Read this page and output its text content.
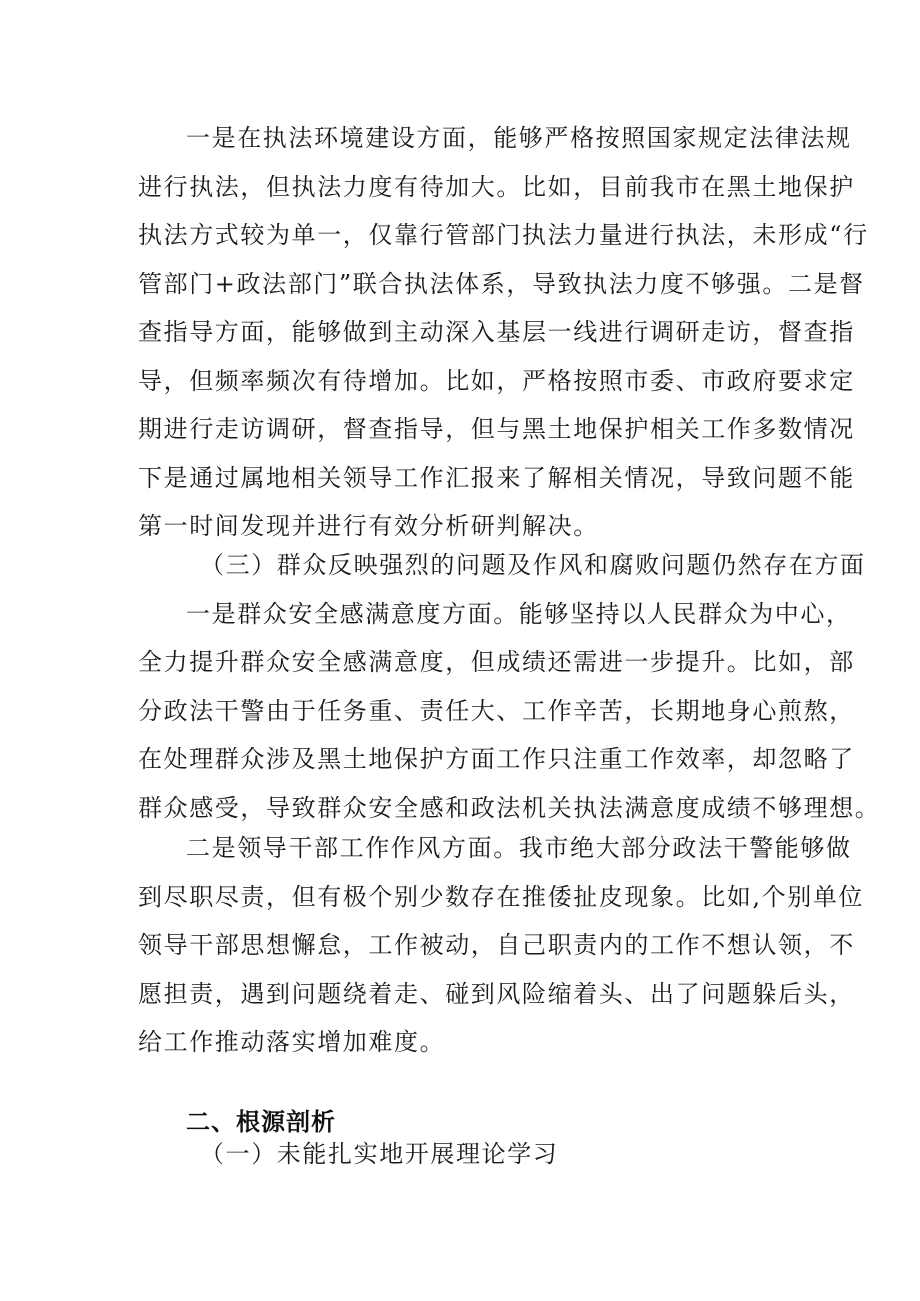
一是在执法环境建设方面，能够严格按照国家规定法律法规
进行执法，但执法力度有待加大。比如，目前我市在黑土地保护
执法方式较为单一，仅靠行管部门执法力量进行执法，未形成“行
管部门+政法部门”联合执法体系，导致执法力度不够强。二是督
查指导方面，能够做到主动深入基层一线进行调研走访，督查指
导，但频率频次有待增加。比如，严格按照市委、市政府要求定
期进行走访调研，督查指导，但与黑土地保护相关工作多数情况
下是通过属地相关领导工作汇报来了解相关情况，导致问题不能
第一时间发现并进行有效分析研判解决。
（三）群众反映强烈的问题及作风和腐败问题仍然存在方面
一是群众安全感满意度方面。能够坚持以人民群众为中心，
全力提升群众安全感满意度，但成绩还需进一步提升。比如，部
分政法干警由于任务重、责任大、工作辛苦，长期地身心煎熬，
在处理群众涉及黑土地保护方面工作只注重工作效率，却忽略了
群众感受，导致群众安全感和政法机关执法满意度成绩不够理想。
二是领导干部工作作风方面。我市绝大部分政法干警能够做
到尽职尽责，但有极个别少数存在推倭扯皮现象。比如,个别单位
领导干部思想懈怠，工作被动，自己职责内的工作不想认领，不
愿担责，遇到问题绕着走、碰到风险缩着头、出了问题躲后头，
给工作推动落实增加难度。
二、根源剖析

（一）未能扎实地开展理论学习
